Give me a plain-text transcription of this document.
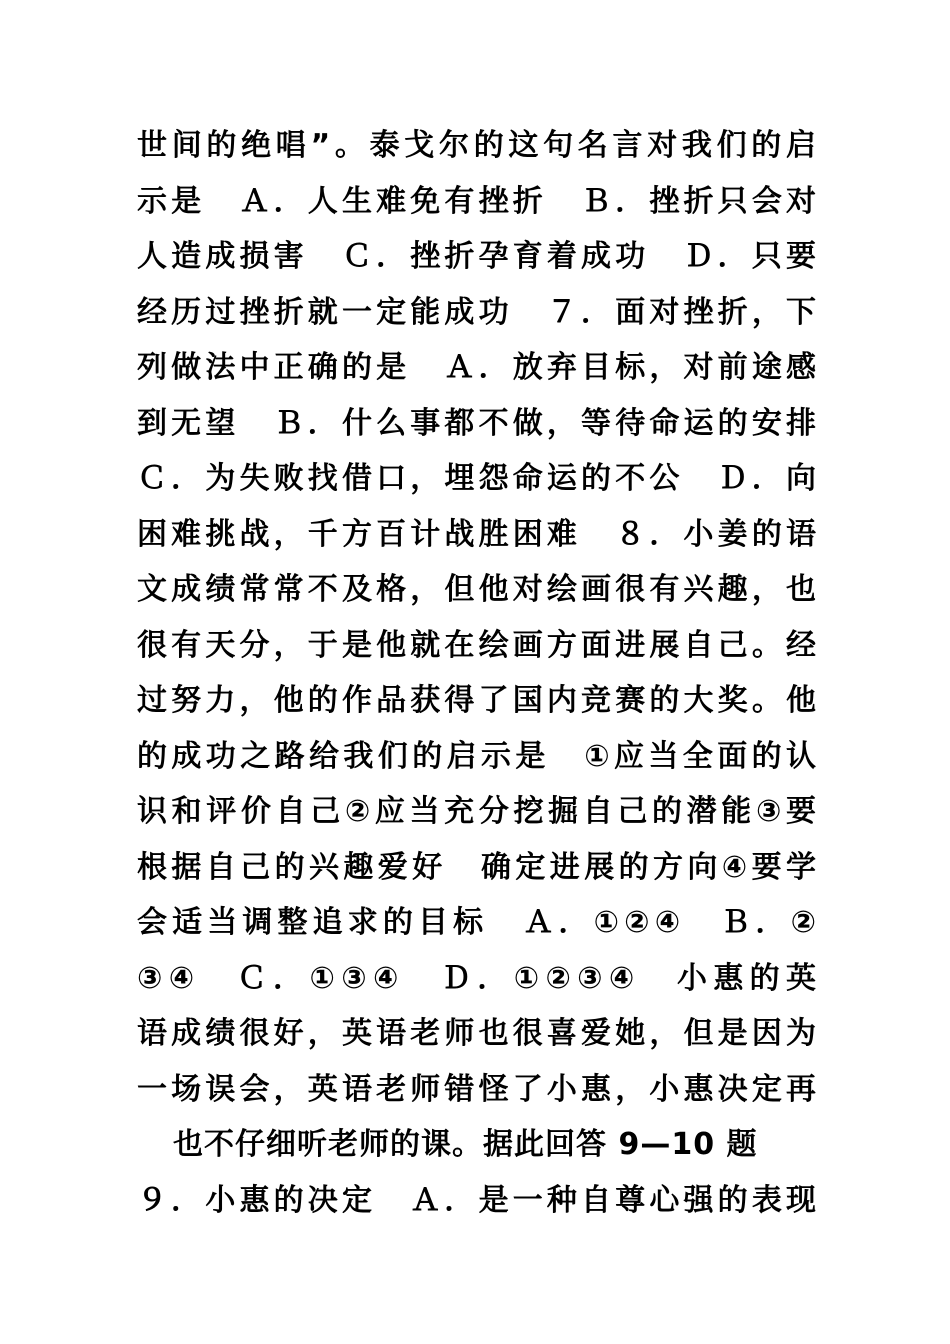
世间的绝唱”。泰戈尔的这句名言对我们的启
示是　Ａ．人生难免有挫折　Ｂ．挫折只会对
人造成损害　Ｃ．挫折孕育着成功　Ｄ．只要
经历过挫折就一定能成功　７．面对挫折，下
列做法中正确的是　Ａ．放弃目标，对前途感
到无望　Ｂ．什么事都不做，等待命运的安排
Ｃ．为失败找借口，埋怨命运的不公　Ｄ．向
困难挑战，千方百计战胜困难　８．小姜的语
文成绩常常不及格，但他对绘画很有兴趣，也
很有天分，于是他就在绘画方面进展自己。经
过努力，他的作品获得了国内竞赛的大奖。他
的成功之路给我们的启示是　①应当全面的认
识和评价自己②应当充分挖掘自己的潜能③要
根据自己的兴趣爱好　确定进展的方向④要学
会适当调整追求的目标　Ａ．①②④　Ｂ．②
③④　Ｃ．①③④　Ｄ．①②③④　小惠的英
语成绩很好，英语老师也很喜爱她，但是因为
一场误会，英语老师错怪了小惠，小惠决定再
也不仔细听老师的课。据此回答 9—10 题
９．小惠的决定　Ａ．是一种自尊心强的表现
